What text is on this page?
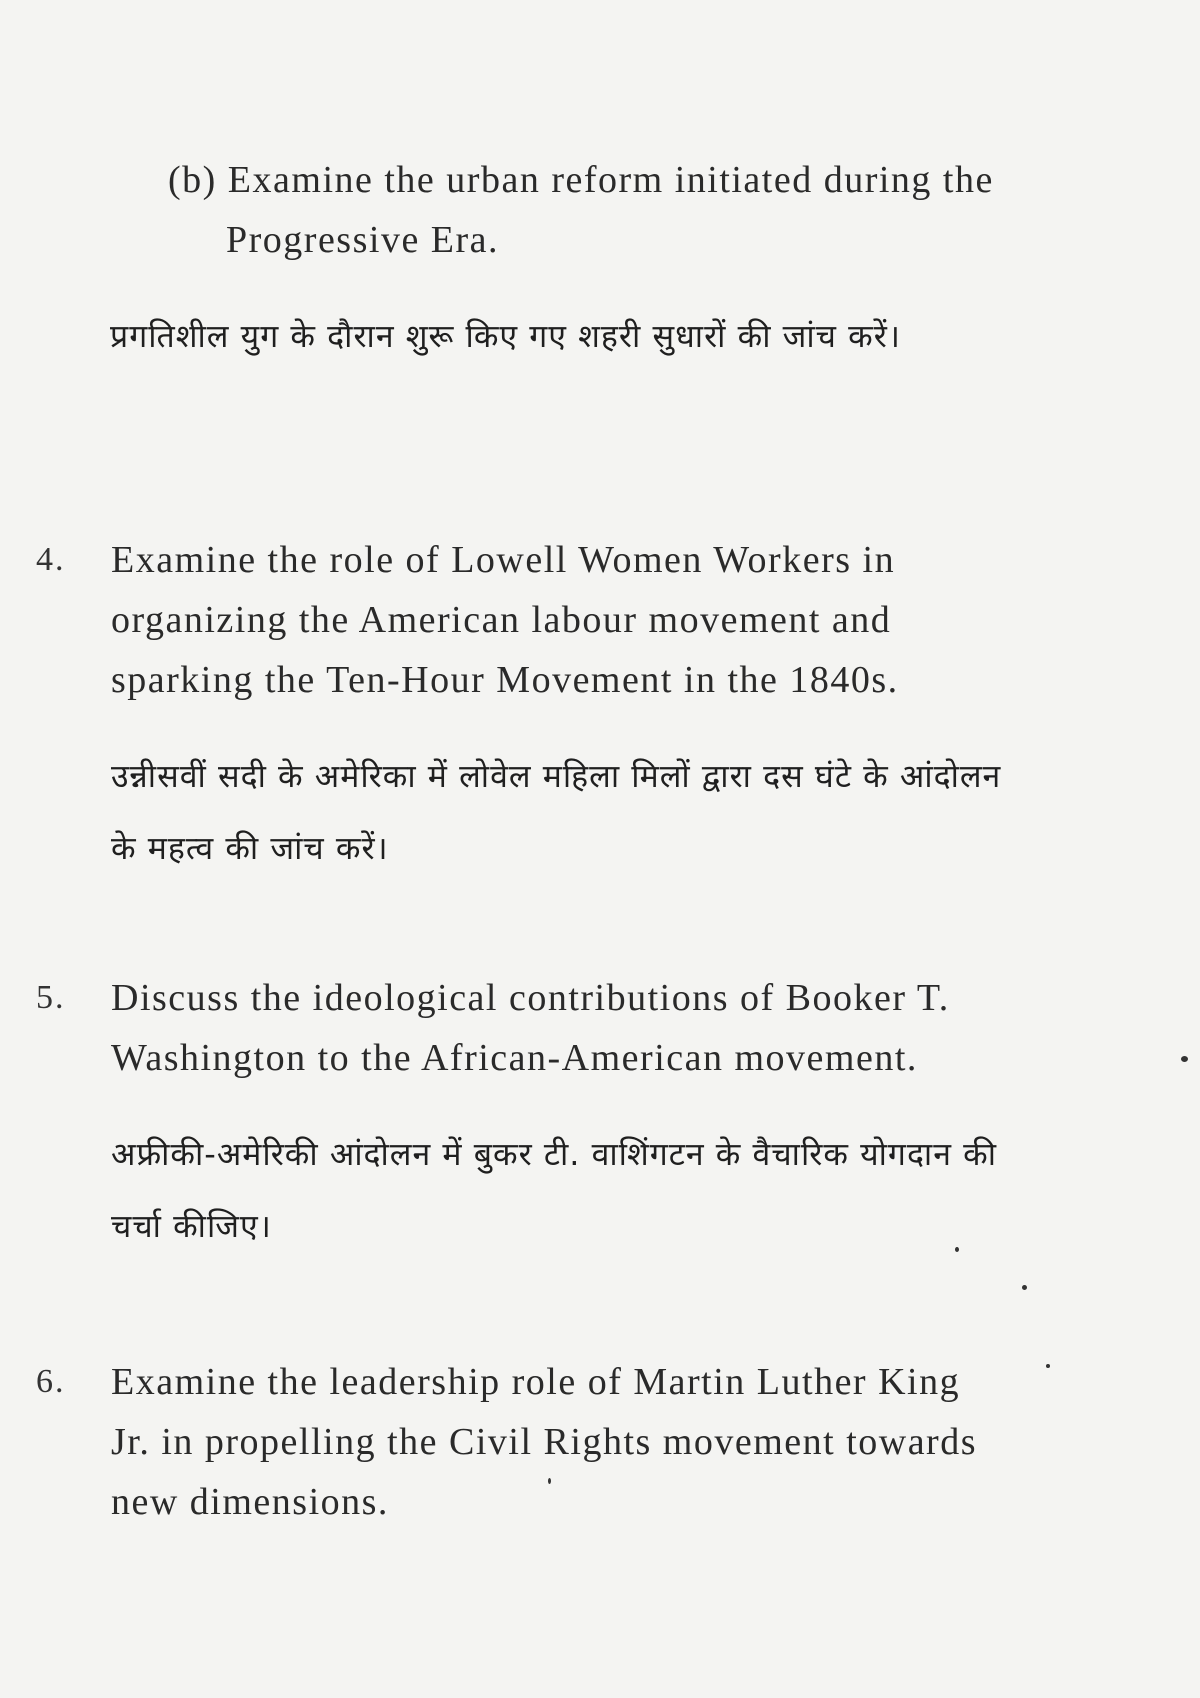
(b) Examine the urban reform initiated during the Progressive Era.

प्रगतिशील युग के दौरान शुरू किए गए शहरी सुधारों की जांच करें।

4.	Examine the role of Lowell Women Workers in organizing the American labour movement and sparking the Ten-Hour Movement in the 1840s.

उन्नीसवीं सदी के अमेरिका में लोवेल महिला मिलों द्वारा दस घंटे के आंदोलन के महत्व की जांच करें।

5.	Discuss the ideological contributions of Booker T. Washington to the African-American movement.

अफ्रीकी-अमेरिकी आंदोलन में बुकर टी. वाशिंगटन के वैचारिक योगदान की चर्चा कीजिए।

6.	Examine the leadership role of Martin Luther King Jr. in propelling the Civil Rights movement towards new dimensions.
